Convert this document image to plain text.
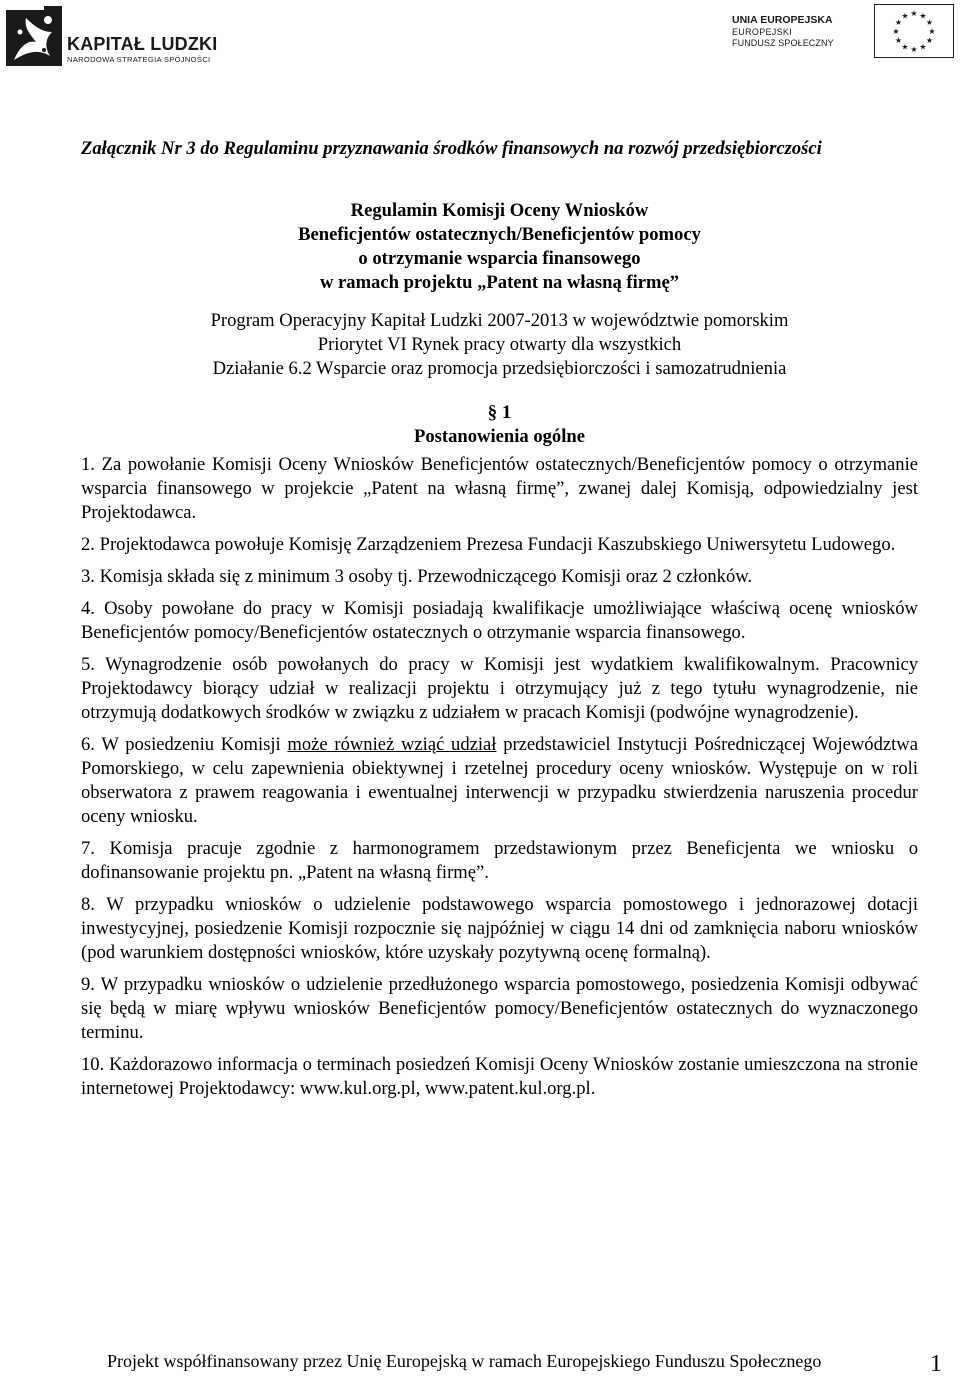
KAPITAŁ LUDZKI
NARODOWA STRATEGIA SPÓJNOŚCI
UNIA EUROPEJSKA
EUROPEJSKI
FUNDUSZ SPOŁECZNY
★ ★
★
★
★
★
★
★
★
★
★
★

Załącznik Nr 3 do Regulaminu przyznawania środków finansowych na rozwój przedsiębiorczości

Regulamin Komisji Oceny Wniosków
Beneficjentów ostatecznych/Beneficjentów pomocy
o otrzymanie wsparcia finansowego
w ramach projektu „Patent na własną firmę”
Program Operacyjny Kapitał Ludzki 2007-2013 w województwie pomorskim
Priorytet VI Rynek pracy otwarty dla wszystkich
Działanie 6.2 Wsparcie oraz promocja przedsiębiorczości i samozatrudnienia
§ 1
Postanowienia ogólne
1. Za powołanie Komisji Oceny Wniosków Beneficjentów ostatecznych/Beneficjentów pomocy o otrzymanie wsparcia finansowego w projekcie „Patent na własną firmę”, zwanej dalej Komisją, odpowiedzialny jest Projektodawca.
2. Projektodawca powołuje Komisję Zarządzeniem Prezesa Fundacji Kaszubskiego Uniwersytetu Ludowego.
3. Komisja składa się z minimum 3 osoby tj. Przewodniczącego Komisji oraz 2 członków.
4. Osoby powołane do pracy w Komisji posiadają kwalifikacje umożliwiające właściwą ocenę wniosków Beneficjentów pomocy/Beneficjentów ostatecznych o otrzymanie wsparcia finansowego.
5. Wynagrodzenie osób powołanych do pracy w Komisji jest wydatkiem kwalifikowalnym. Pracownicy Projektodawcy biorący udział w realizacji projektu i otrzymujący już z tego tytułu wynagrodzenie, nie otrzymują dodatkowych środków w związku z udziałem w pracach Komisji (podwójne wynagrodzenie).
6. W posiedzeniu Komisji może również wziąć udział przedstawiciel Instytucji Pośredniczącej Województwa Pomorskiego, w celu zapewnienia obiektywnej i rzetelnej procedury oceny wniosków. Występuje on w roli obserwatora z prawem reagowania i ewentualnej interwencji w przypadku stwierdzenia naruszenia procedur oceny wniosku.
7. Komisja pracuje zgodnie z harmonogramem przedstawionym przez Beneficjenta we wniosku o dofinansowanie projektu pn. „Patent na własną firmę”.
8. W przypadku wniosków o udzielenie podstawowego wsparcia pomostowego i jednorazowej dotacji inwestycyjnej, posiedzenie Komisji rozpocznie się najpóźniej w ciągu 14 dni od zamknięcia naboru wniosków (pod warunkiem dostępności wniosków, które uzyskały pozytywną ocenę formalną).
9. W przypadku wniosków o udzielenie przedłużonego wsparcia pomostowego, posiedzenia Komisji odbywać się będą w miarę wpływu wniosków Beneficjentów pomocy/Beneficjentów ostatecznych do wyznaczonego terminu.
10. Każdorazowo informacja o terminach posiedzeń Komisji Oceny Wniosków zostanie umieszczona na stronie internetowej Projektodawcy: www.kul.org.pl, www.patent.kul.org.pl.
Projekt współfinansowany przez Unię Europejską w ramach Europejskiego Funduszu Społecznego	1
